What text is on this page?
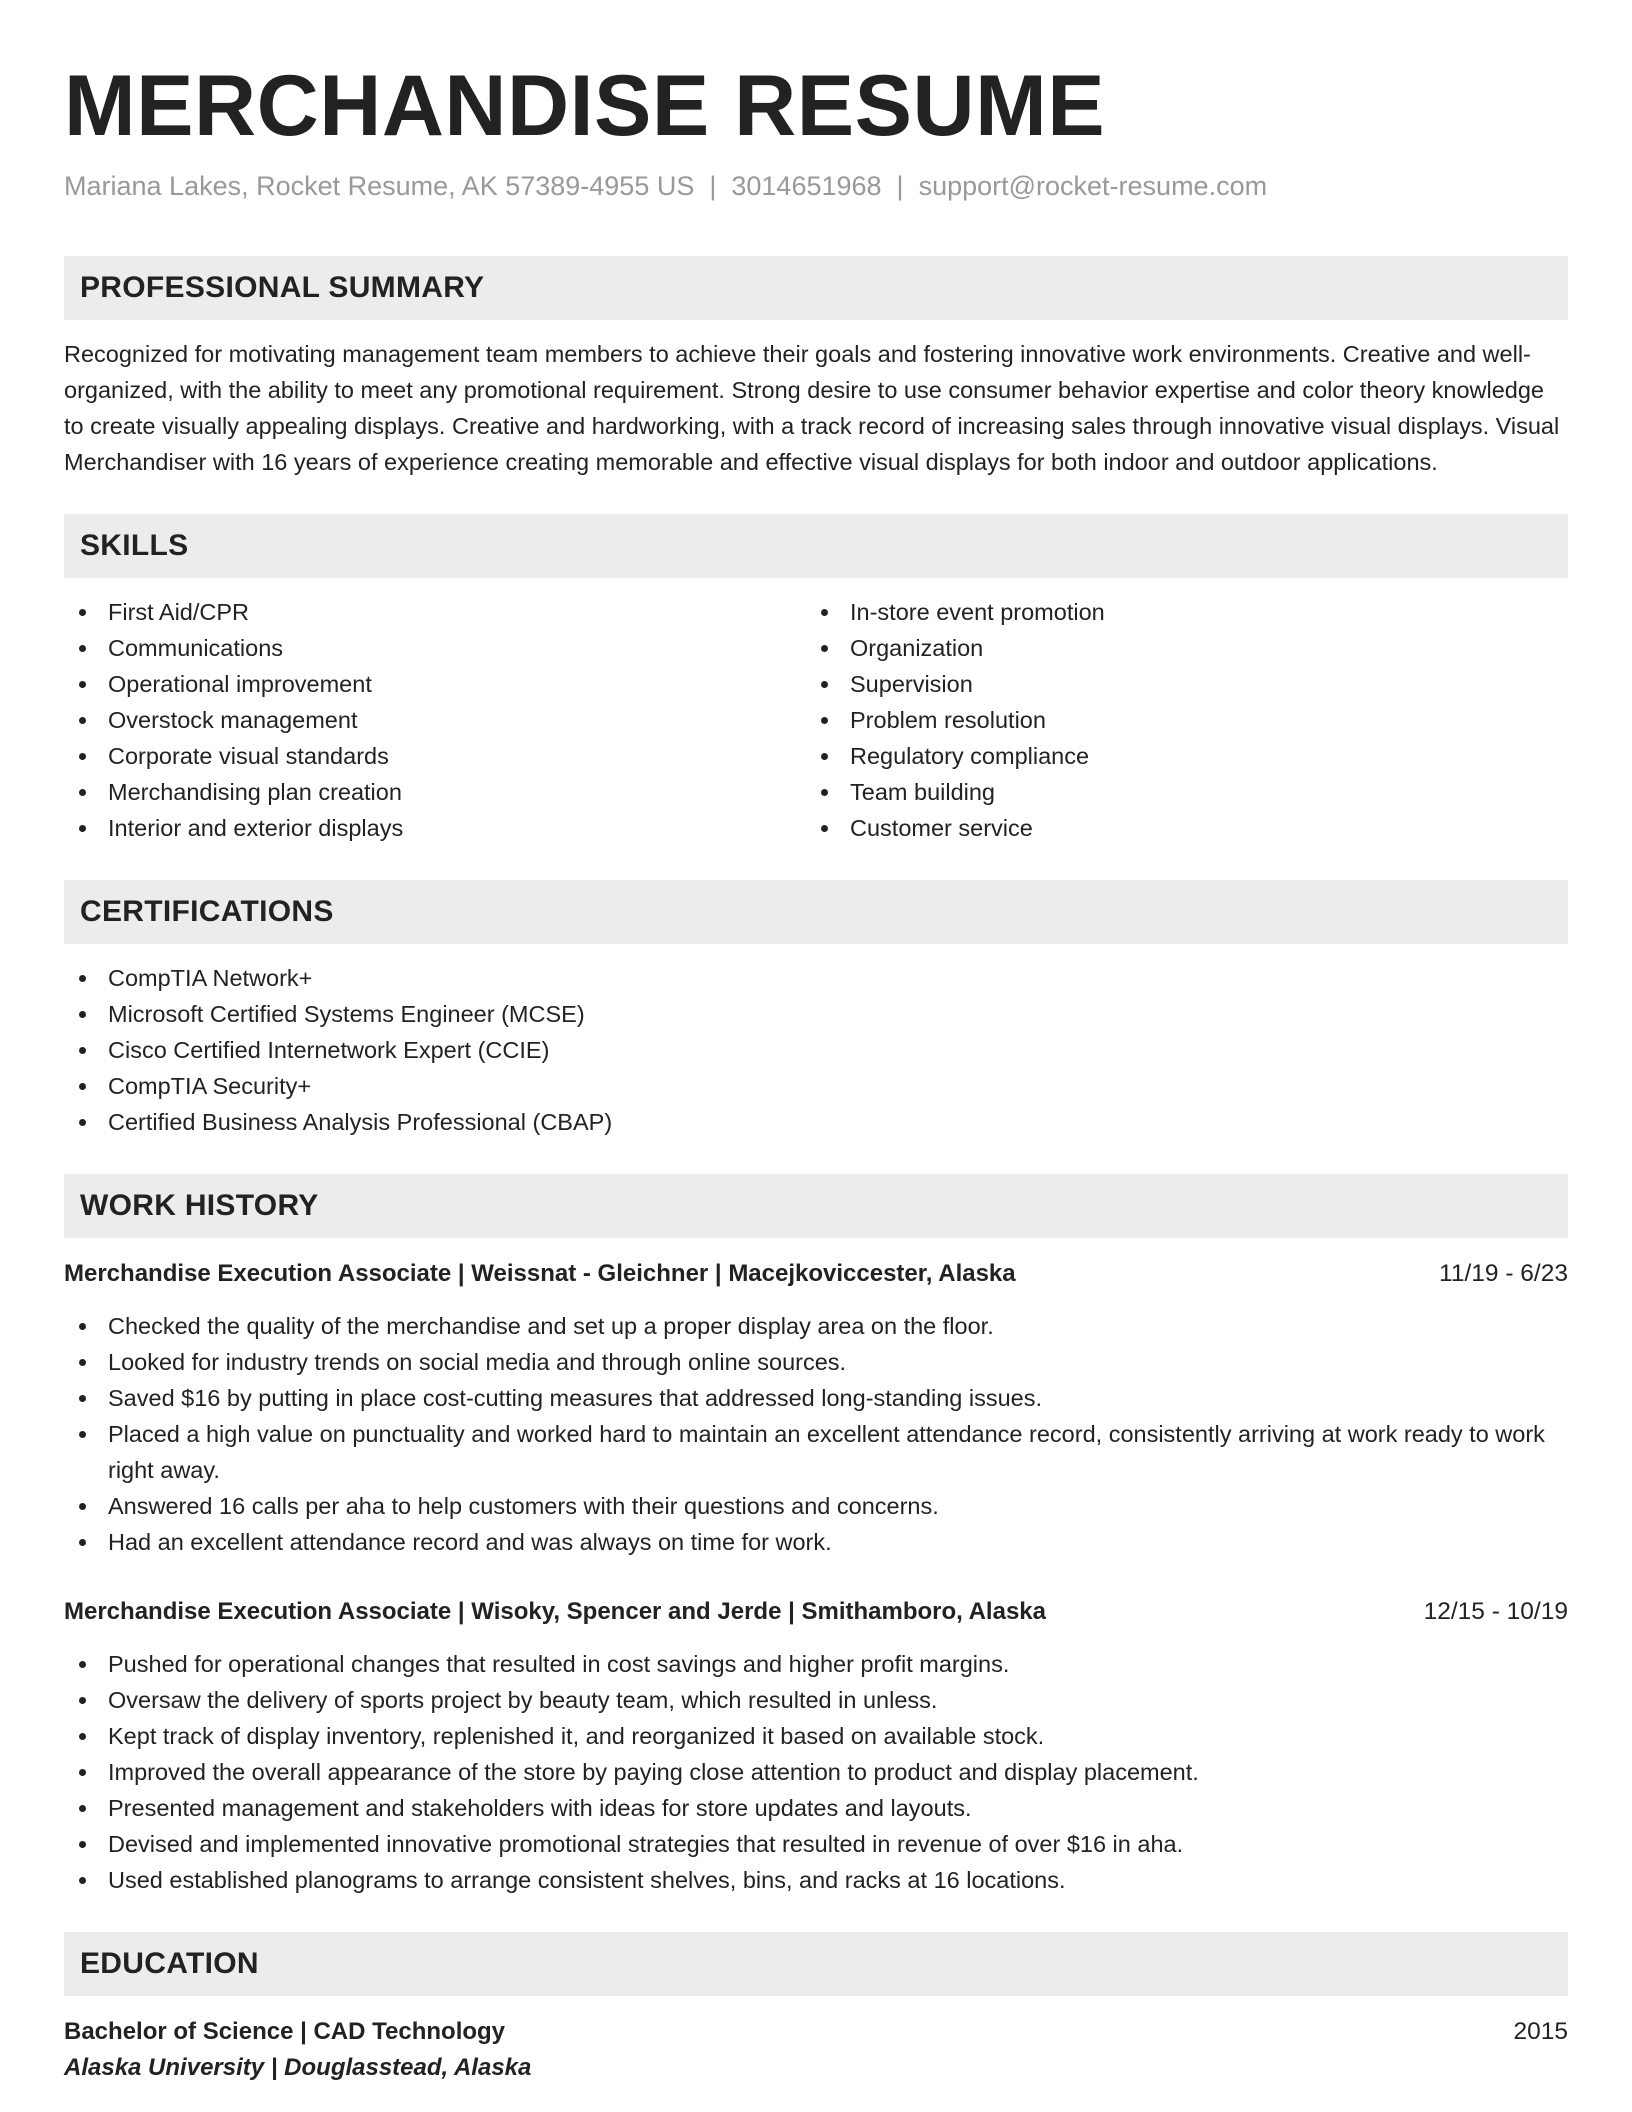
MERCHANDISE RESUME
Mariana Lakes, Rocket Resume, AK 57389-4955 US | 3014651968 | support@rocket-resume.com
PROFESSIONAL SUMMARY

Recognized for motivating management team members to achieve their goals and fostering innovative work environments. Creative and well-organized, with the ability to meet any promotional requirement. Strong desire to use consumer behavior expertise and color theory knowledge to create visually appealing displays. Creative and hardworking, with a track record of increasing sales through innovative visual displays. Visual Merchandiser with 16 years of experience creating memorable and effective visual displays for both indoor and outdoor applications.

SKILLS
First Aid/CPR
Communications
Operational improvement
Overstock management
Corporate visual standards
Merchandising plan creation
Interior and exterior displays
In-store event promotion
Organization
Supervision
Problem resolution
Regulatory compliance
Team building
Customer service
CERTIFICATIONS
CompTIA Network+
Microsoft Certified Systems Engineer (MCSE)
Cisco Certified Internetwork Expert (CCIE)
CompTIA Security+
Certified Business Analysis Professional (CBAP)
WORK HISTORY
Merchandise Execution Associate | Weissnat - Gleichner | Macejkoviccester, Alaska	11/19 - 6/23
Checked the quality of the merchandise and set up a proper display area on the floor.
Looked for industry trends on social media and through online sources.
Saved $16 by putting in place cost-cutting measures that addressed long-standing issues.
Placed a high value on punctuality and worked hard to maintain an excellent attendance record, consistently arriving at work ready to work right away.
Answered 16 calls per aha to help customers with their questions and concerns.
Had an excellent attendance record and was always on time for work.
Merchandise Execution Associate | Wisoky, Spencer and Jerde | Smithamboro, Alaska	12/15 - 10/19
Pushed for operational changes that resulted in cost savings and higher profit margins.
Oversaw the delivery of sports project by beauty team, which resulted in unless.
Kept track of display inventory, replenished it, and reorganized it based on available stock.
Improved the overall appearance of the store by paying close attention to product and display placement.
Presented management and stakeholders with ideas for store updates and layouts.
Devised and implemented innovative promotional strategies that resulted in revenue of over $16 in aha.
Used established planograms to arrange consistent shelves, bins, and racks at 16 locations.
EDUCATION
Bachelor of Science | CAD Technology	2015
Alaska University | Douglasstead, Alaska
